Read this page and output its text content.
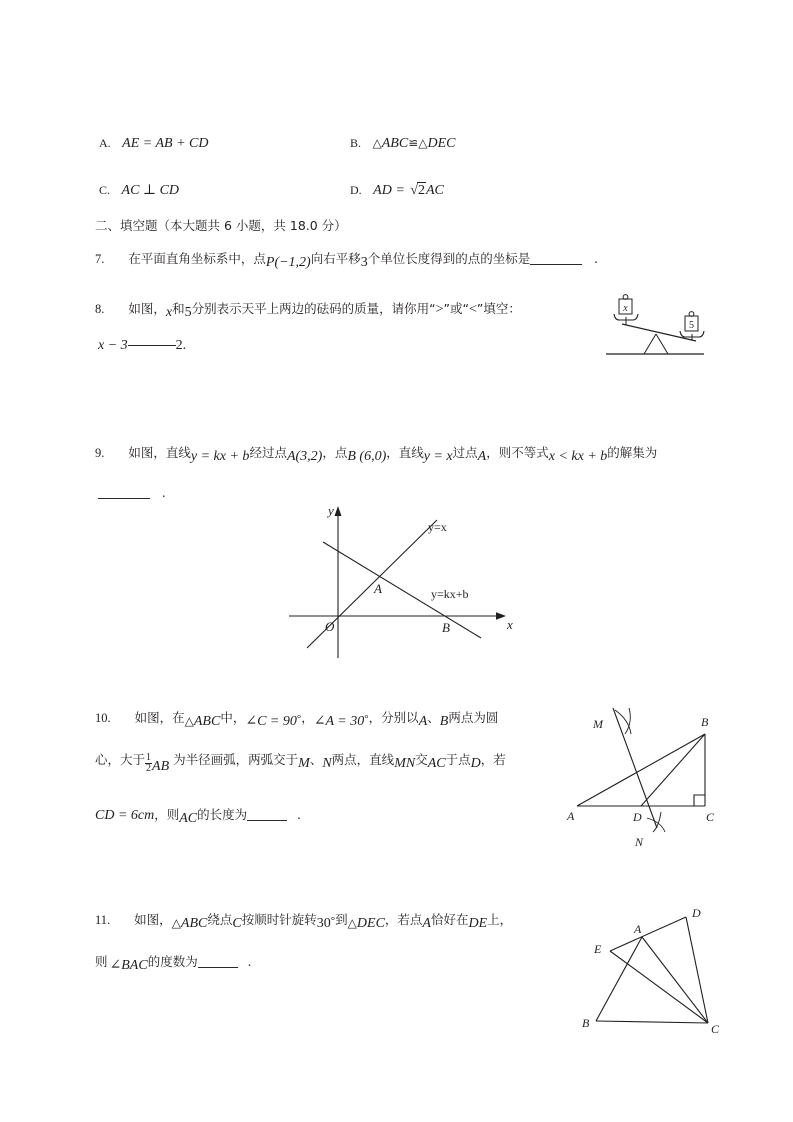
A. AE = AB + CD	B. △ABC≌△DEC
C. AC ⊥ CD	D. AD = √2AC
二、填空题（本大题共 6 小题，共 18.0 分）
7. 在平面直角坐标系中，点P(−1,2)向右平移3个单位长度得到的点的坐标是	.
8. 如图，x和5分别表示天平上两边的砝码的质量，请你用“>”或“<”填空：
x − 3	2.
x
5
9. 如图，直线y = kx + b经过点A(3,2)，点B (6,0)，直线y = x过点A，则不等式x < kx + b的解集为
.
y
x
O
A
B
y=x
y=kx+b
10. 如图，在△ABC中，∠C = 90°，∠A = 30°，分别以A、B两点为圆
心，大于 $\frac{1}{2}$ AB 为半径画弧，两弧交于M、N两点，直线MN交AC于点D，若
CD = 6cm，则AC的长度为	.	A
B
C
D
M
N
11. 如图，△ABC绕点C按顺时针旋转30°到△DEC，若点A恰好在DE上，
则 ∠BAC的度数为	.
A
B	C
D
E
